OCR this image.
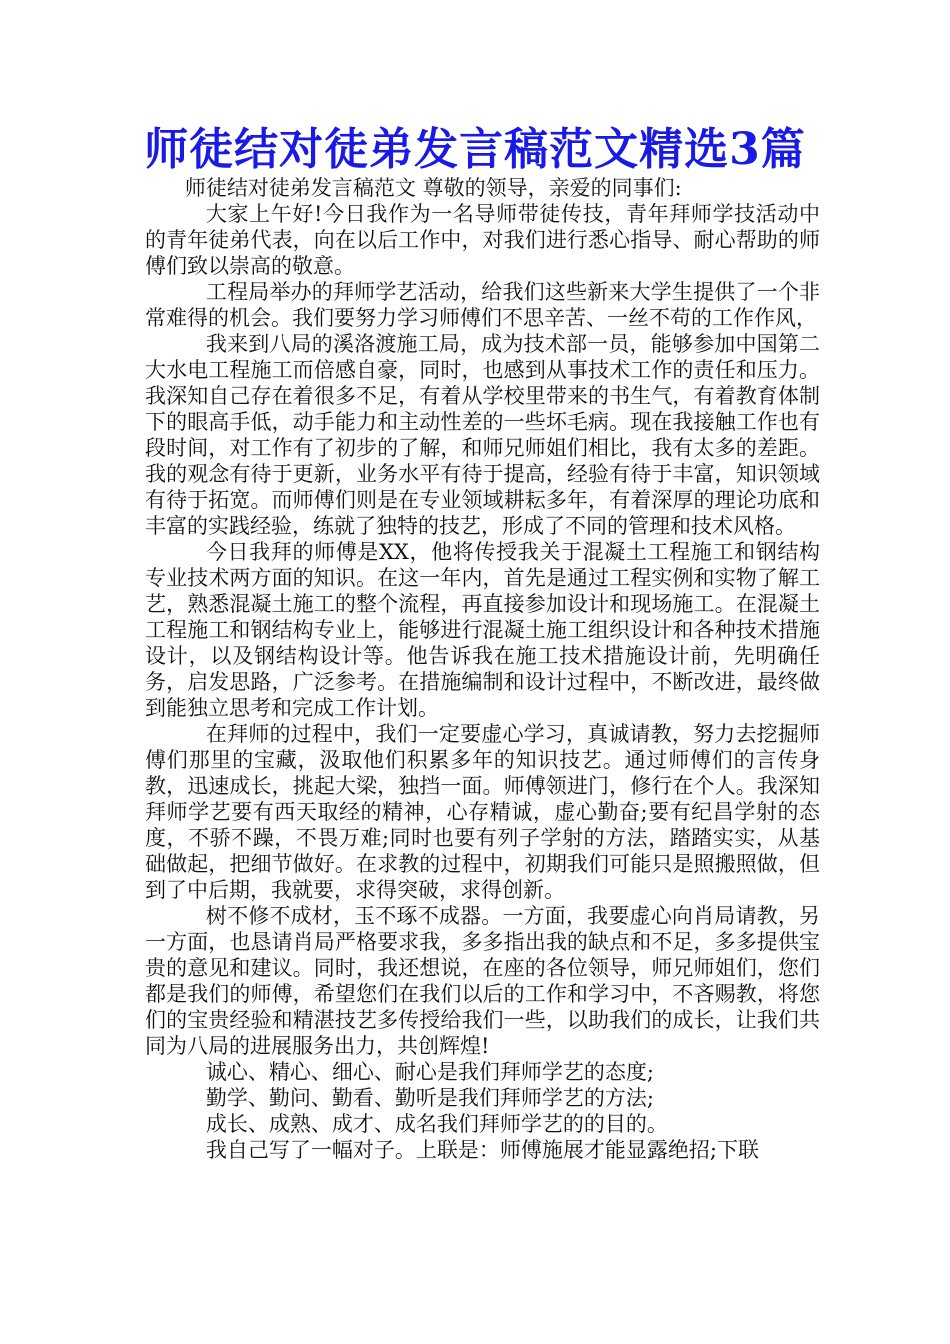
师徒结对徒弟发言稿范文精选3篇

师徒结对徒弟发言稿范文 尊敬的领导，亲爱的同事们:

大家上午好!今日我作为一名导师带徒传技，青年拜师学技活动中的青年徒弟代表，向在以后工作中，对我们进行悉心指导、耐心帮助的师傅们致以崇高的敬意。

工程局举办的拜师学艺活动，给我们这些新来大学生提供了一个非常难得的机会。我们要努力学习师傅们不思辛苦、一丝不苟的工作作风，

我来到八局的溪洛渡施工局，成为技术部一员，能够参加中国第二大水电工程施工而倍感自豪，同时，也感到从事技术工作的责任和压力。我深知自己存在着很多不足，有着从学校里带来的书生气，有着教育体制下的眼高手低，动手能力和主动性差的一些坏毛病。现在我接触工作也有段时间，对工作有了初步的了解，和师兄师姐们相比，我有太多的差距。我的观念有待于更新，业务水平有待于提高，经验有待于丰富，知识领域有待于拓宽。而师傅们则是在专业领域耕耘多年，有着深厚的理论功底和丰富的实践经验，练就了独特的技艺，形成了不同的管理和技术风格。

今日我拜的师傅是XX，他将传授我关于混凝土工程施工和钢结构专业技术两方面的知识。在这一年内，首先是通过工程实例和实物了解工艺，熟悉混凝土施工的整个流程，再直接参加设计和现场施工。在混凝土工程施工和钢结构专业上，能够进行混凝土施工组织设计和各种技术措施设计，以及钢结构设计等。他告诉我在施工技术措施设计前，先明确任务，启发思路，广泛参考。在措施编制和设计过程中，不断改进，最终做到能独立思考和完成工作计划。

在拜师的过程中，我们一定要虚心学习，真诚请教，努力去挖掘师傅们那里的宝藏，汲取他们积累多年的知识技艺。通过师傅们的言传身教，迅速成长，挑起大梁，独挡一面。师傅领进门，修行在个人。我深知拜师学艺要有西天取经的精神，心存精诚，虚心勤奋;要有纪昌学射的态度，不骄不躁，不畏万难;同时也要有列子学射的方法，踏踏实实，从基础做起，把细节做好。在求教的过程中，初期我们可能只是照搬照做，但到了中后期，我就要，求得突破，求得创新。

树不修不成材，玉不琢不成器。一方面，我要虚心向肖局请教，另一方面，也恳请肖局严格要求我，多多指出我的缺点和不足，多多提供宝贵的意见和建议。同时，我还想说，在座的各位领导，师兄师姐们，您们都是我们的师傅，希望您们在我们以后的工作和学习中，不吝赐教，将您们的宝贵经验和精湛技艺多传授给我们一些，以助我们的成长，让我们共同为八局的进展服务出力，共创辉煌!

诚心、精心、细心、耐心是我们拜师学艺的态度;

勤学、勤问、勤看、勤听是我们拜师学艺的方法;

成长、成熟、成才、成名我们拜师学艺的的目的。

我自己写了一幅对子。上联是：师傅施展才能显露绝招;下联
